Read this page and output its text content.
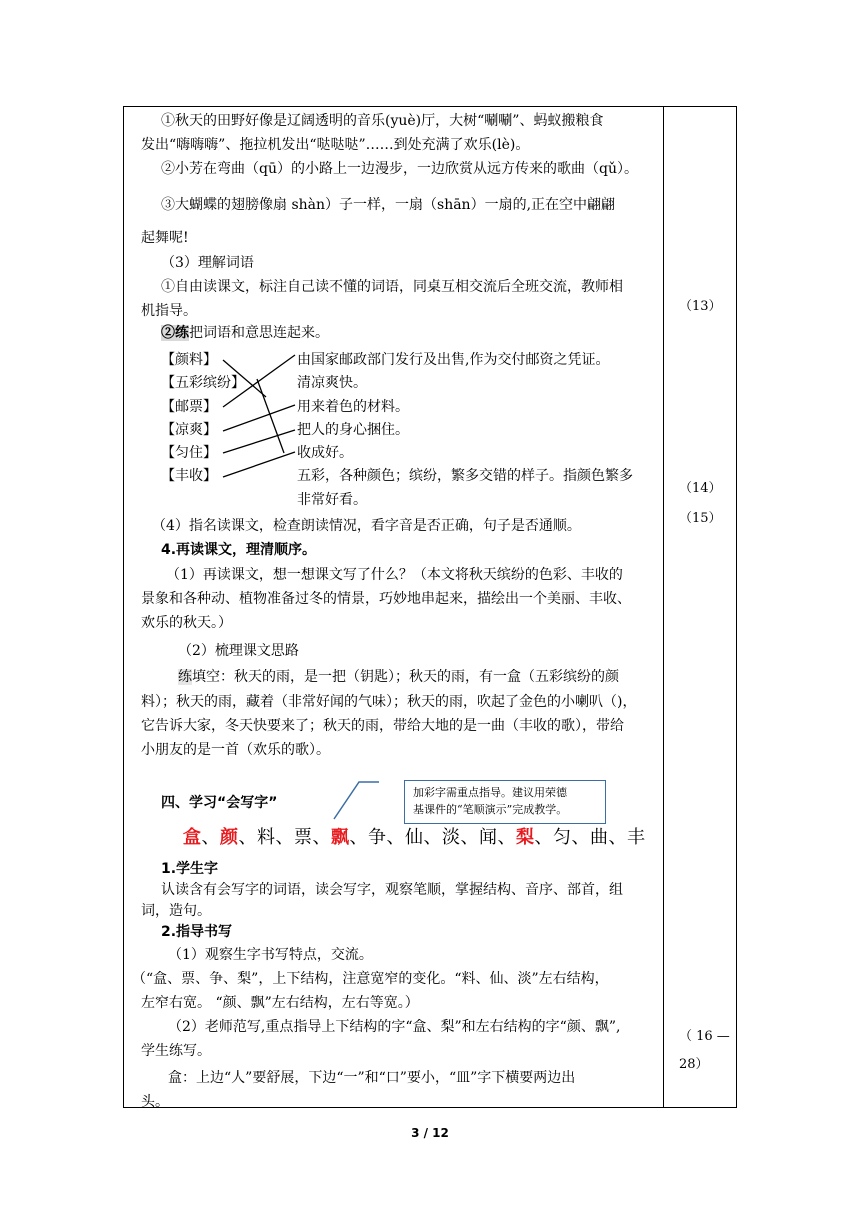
①秋天的田野好像是辽阔透明的音乐(yuè)厅，大树“唰唰”、蚂蚁搬粮食
发出“嗨嗨嗨”、拖拉机发出“哒哒哒”……到处充满了欢乐(lè)。
②小芳在弯曲（qū）的小路上一边漫步，一边欣赏从远方传来的歌曲（qǔ）。
③大蝴蝶的翅膀像扇 shàn）子一样，一扇（shān）一扇的,正在空中翩翩
起舞呢!
（3）理解词语
①自由读课文，标注自己读不懂的词语，同桌互相交流后全班交流，教师相
机指导。
②练把词语和意思连起来。
【颜料】
【五彩缤纷】
【邮票】
【凉爽】
【匀住】
【丰收】
由国家邮政部门发行及出售,作为交付邮资之凭证。
清凉爽快。
用来着色的材料。
把人的身心捆住。
收成好。
五彩，各种颜色；缤纷，繁多交错的样子。指颜色繁多
非常好看。
（4）指名读课文，检查朗读情况，看字音是否正确，句子是否通顺。
4.再读课文，理清顺序。
（1）再读课文，想一想课文写了什么？（本文将秋天缤纷的色彩、丰收的
景象和各种动、植物准备过冬的情景，巧妙地串起来，描绘出一个美丽、丰收、
欢乐的秋天。）
（2）梳理课文思路
练填空：秋天的雨，是一把（钥匙）；秋天的雨，有一盒（五彩缤纷的颜
料）；秋天的雨，藏着（非常好闻的气味）；秋天的雨，吹起了金色的小喇叭（)，
它告诉大家，冬天快要来了；秋天的雨，带给大地的是一曲（丰收的歌），带给
小朋友的是一首（欢乐的歌）。
四、学习“会写字”
加彩字需重点指导。建议用荣德
基课件的“笔顺演示”完成教学。
盒、颜、料、票、飘、争、仙、淡、闻、梨、匀、曲、丰
1.学生字
认读含有会写字的词语，读会写字，观察笔顺，掌握结构、音序、部首，组
词，造句。
2.指导书写
（1）观察生字书写特点，交流。
（“盒、票、争、梨”，上下结构，注意宽窄的变化。“料、仙、淡”左右结构，
左窄右宽。 “颜、飘”左右结构，左右等宽。）
（2）老师范写,重点指导上下结构的字“盒、梨”和左右结构的字“颜、飘”,
学生练写。
盒：上边“人”要舒展，下边“一”和“口”要小，“皿”字下横要两边出
头。
（13）
（14）
（15）
（ 16 —
28）
3 / 12
